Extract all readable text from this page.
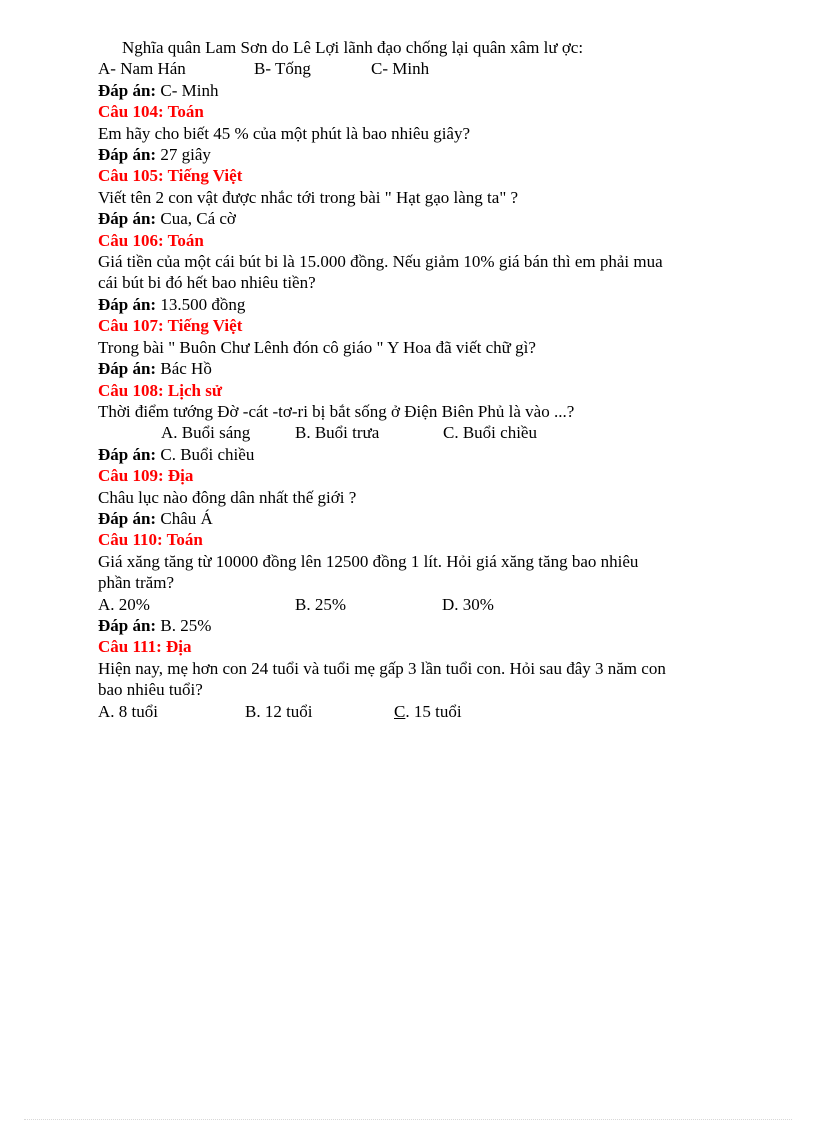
Nghĩa quân Lam Sơn do Lê Lợi lãnh đạo chống lại quân xâm lư ợc:
A- Nam Hán	B- Tống	C- Minh
Đáp án: C- Minh
Câu 104: Toán
Em hãy cho biết 45 % của một phút là bao nhiêu giây?
Đáp án: 27 giây
Câu 105: Tiếng Việt
Viết tên 2 con vật được nhắc tới trong bài " Hạt gạo làng ta" ?
Đáp án: Cua, Cá cờ
Câu 106: Toán
Giá tiền của một cái bút bi là 15.000 đồng. Nếu giảm 10% giá bán thì em phải mua
cái bút bi đó hết bao nhiêu tiền?
Đáp án: 13.500 đồng
Câu 107: Tiếng Việt
Trong bài " Buôn Chư Lênh đón cô giáo " Y Hoa đã viết chữ gì?
Đáp án: Bác Hồ
Câu 108: Lịch sử
Thời điểm tướng Đờ -cát -tơ-ri bị bắt sống ở Điện Biên Phủ là vào ...?
A. Buổi sáng	B. Buổi trưa	C. Buổi chiều
Đáp án: C. Buổi chiều
Câu 109: Địa
Châu lục nào đông dân nhất thế giới ?
Đáp án: Châu Á
Câu 110: Toán
Giá xăng tăng từ 10000 đồng lên 12500 đồng 1 lít. Hỏi giá xăng tăng bao nhiêu
phần trăm?
A. 20%	B. 25%	D. 30%
Đáp án: B. 25%
Câu 111: Địa
Hiện nay, mẹ hơn con 24 tuổi và tuổi mẹ gấp 3 lần tuổi con. Hỏi sau đây 3 năm con
bao nhiêu tuổi?
A. 8 tuổi	B. 12 tuổi	C. 15 tuổi
